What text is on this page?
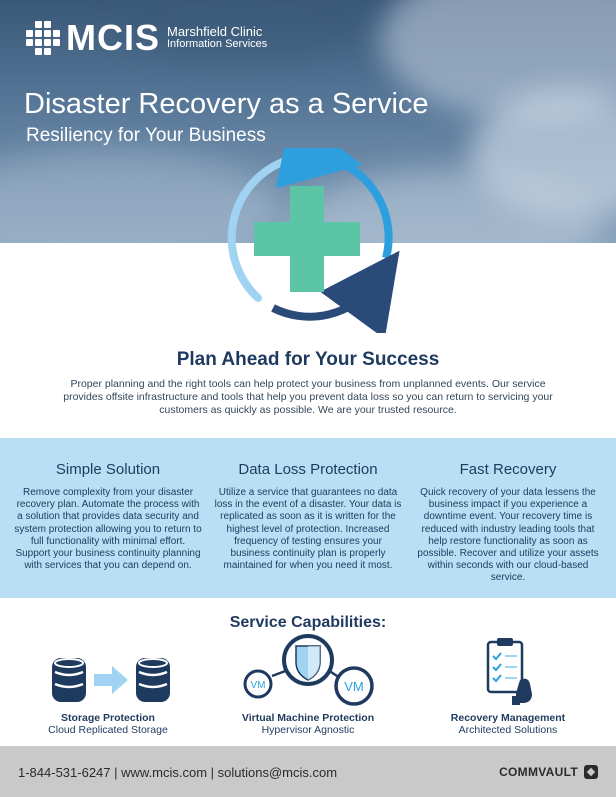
MCIS Marshfield Clinic
Information Services
Disaster Recovery as a Service
Resiliency for Your Business
Plan Ahead for Your Success

Proper planning and the right tools can help protect your business from unplanned events. Our service provides offsite infrastructure and tools that help you prevent data loss so you can return to servicing your customers as quickly as possible. We are your trusted resource.

Simple Solution

Remove complexity from your disaster recovery plan. Automate the process with a solution that provides data security and system protection allowing you to return to full functionality with minimal effort. Support your business continuity planning with services that you can depend on.

Data Loss Protection

Utilize a service that guarantees no data loss in the event of a disaster. Your data is replicated as soon as it is written for the highest level of protection. Increased frequency of testing ensures your business continuity plan is properly maintained for when you need it most.

Fast Recovery

Quick recovery of your data lessens the business impact if you experience a downtime event. Your recovery time is reduced with industry leading tools that help restore functionality as soon as possible. Recover and utilize your assets within seconds with our cloud-based service.

Service Capabilities:
VM	VM
Storage Protection
Cloud Replicated Storage
Virtual Machine Protection
Hypervisor Agnostic
Recovery Management
Architected Solutions
1-844-531-6247 | www.mcis.com | solutions@mcis.com	COMMVAULT
